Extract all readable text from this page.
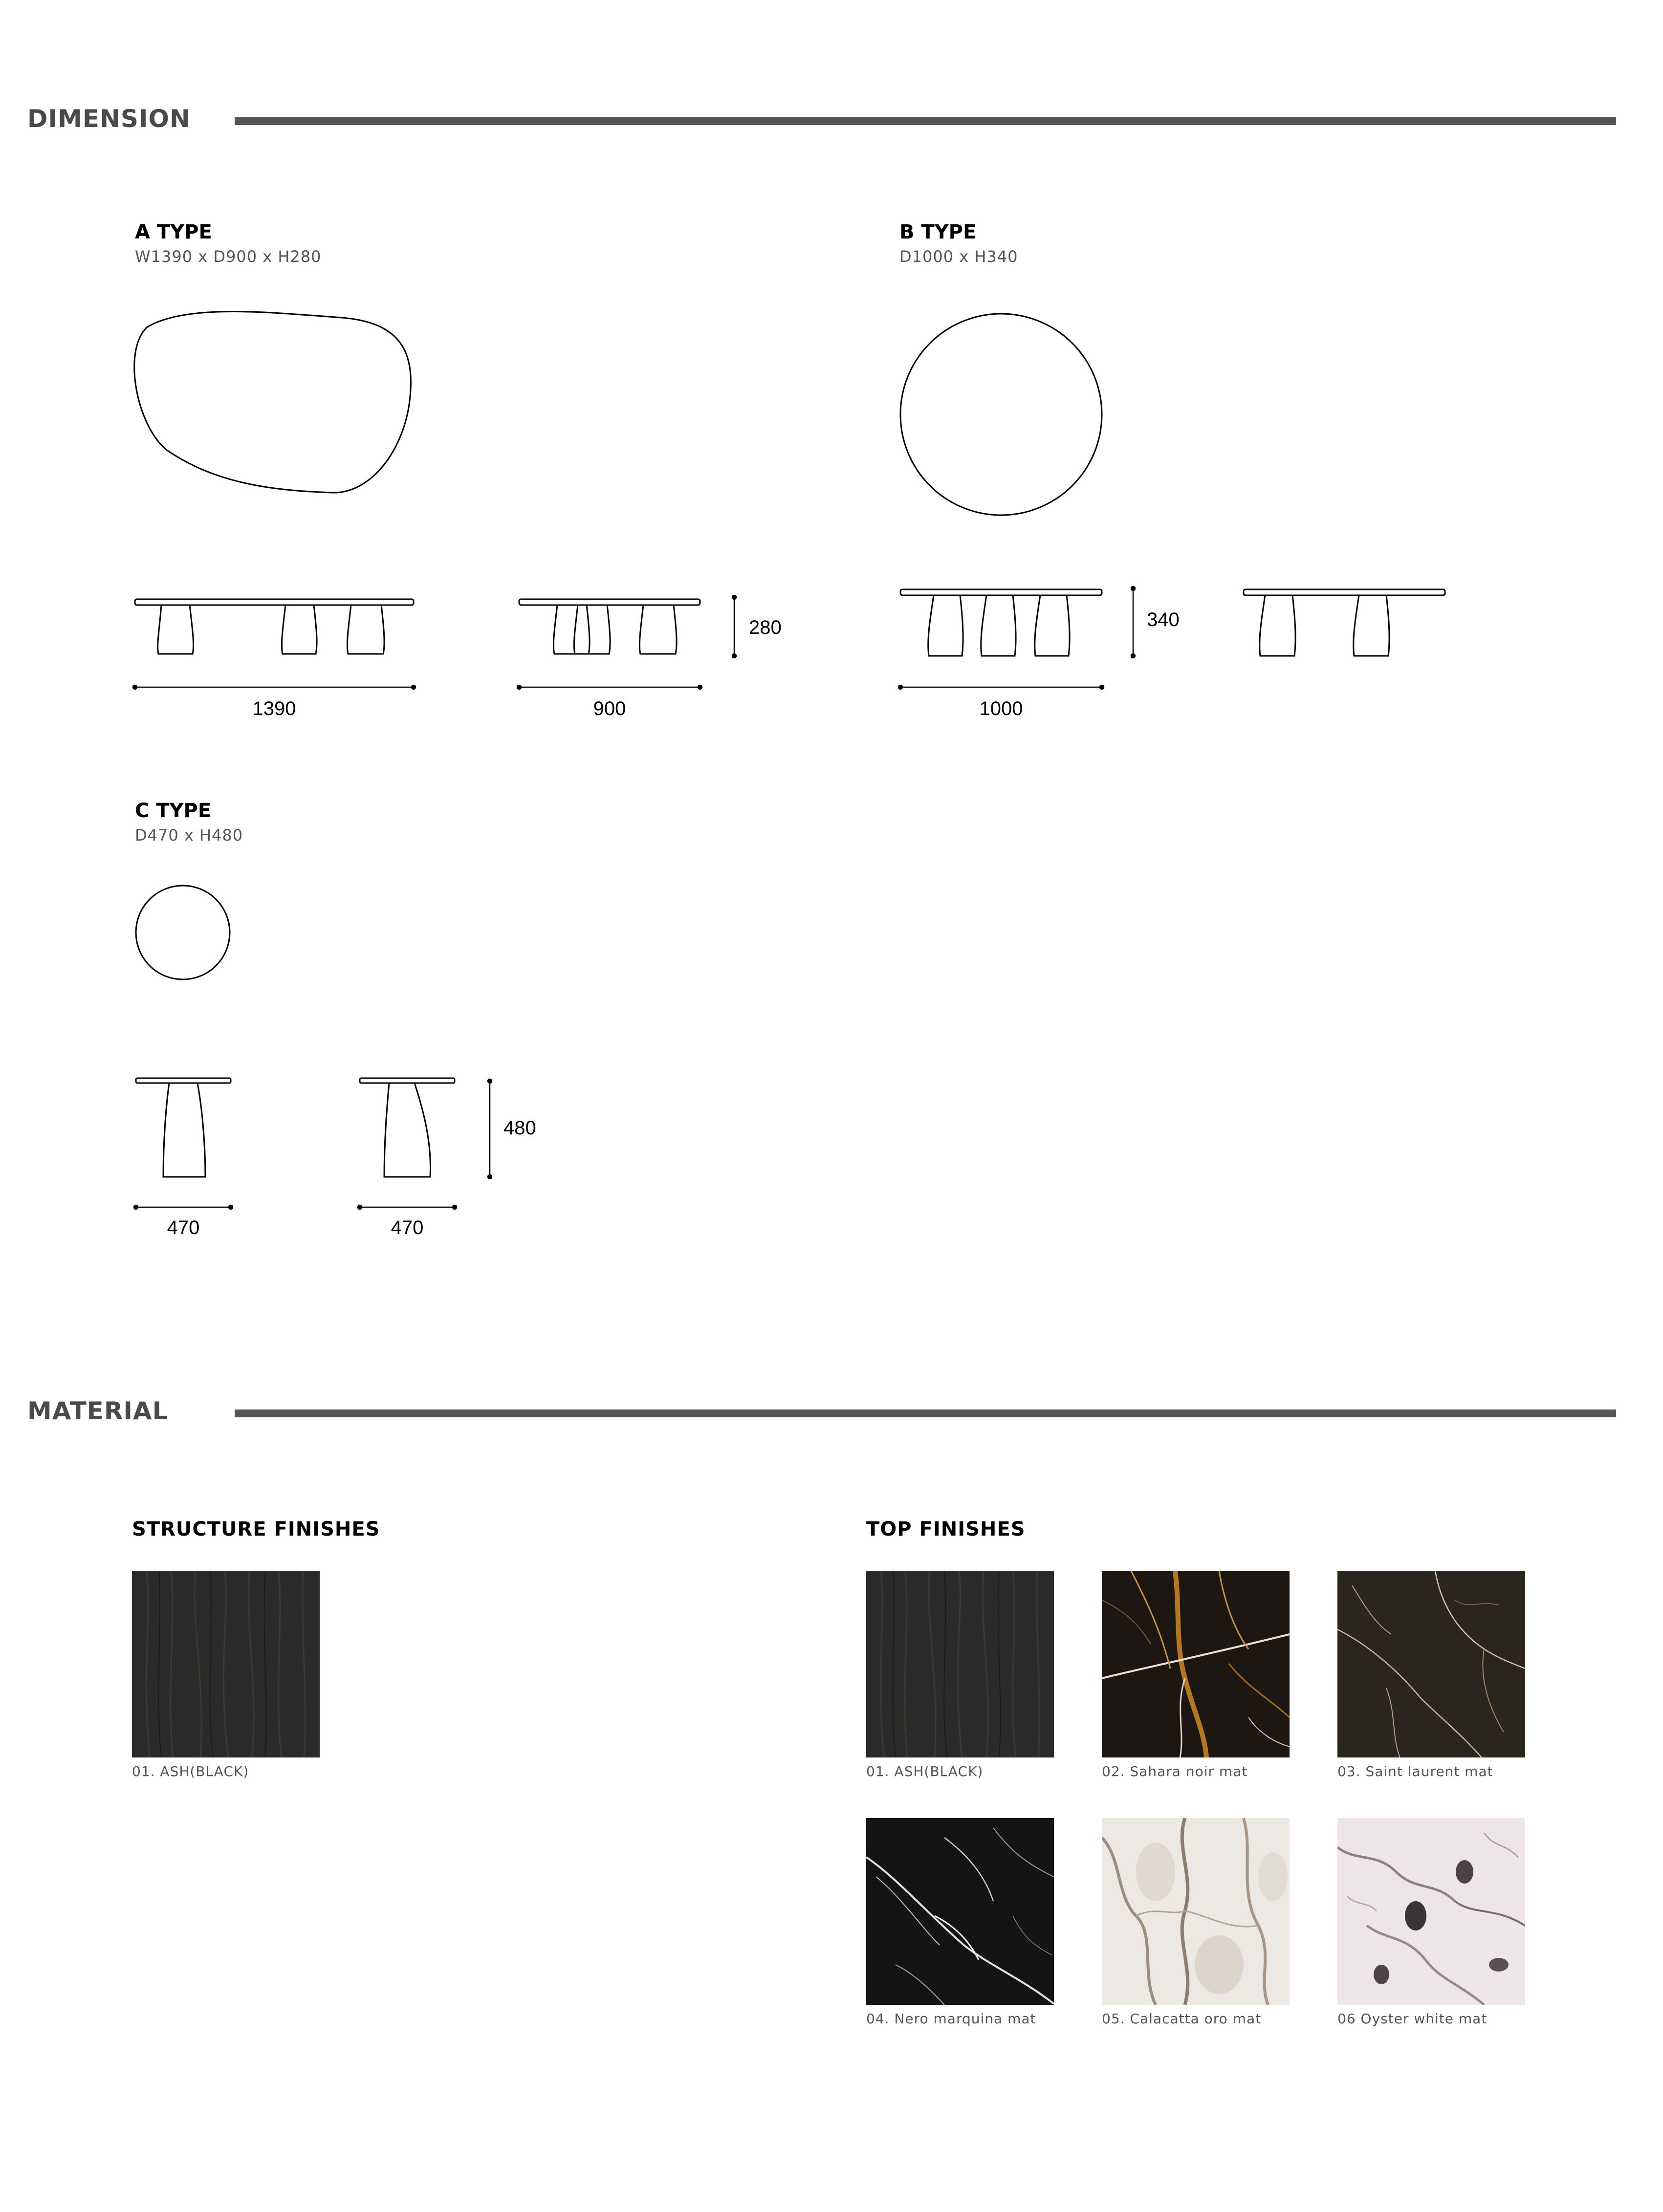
DIMENSION
A TYPE
W1390 x D900 x H280
B TYPE
D1000 x H340
C TYPE
D470 x H480
1390	900
280
1000
340
470	470
480
MATERIAL
STRUCTURE FINISHES	TOP FINISHES
01. ASH(BLACK)	01. ASH(BLACK)	02. Sahara noir mat	03. Saint laurent mat
04. Nero marquina mat	05. Calacatta oro mat	06 Oyster white mat
